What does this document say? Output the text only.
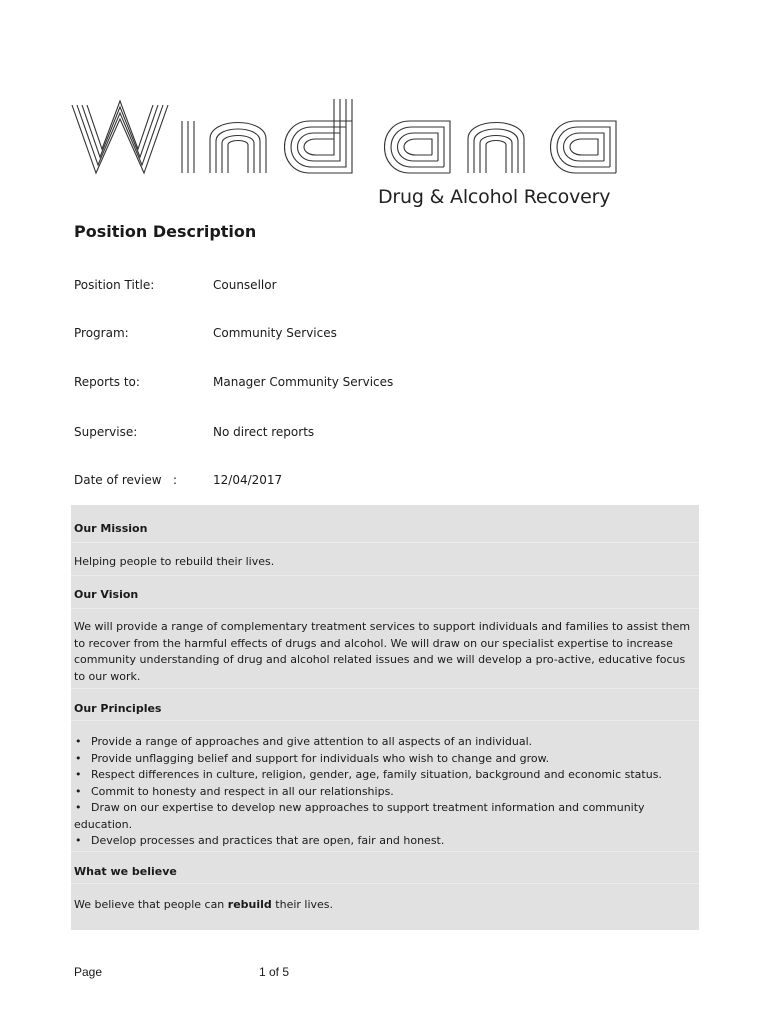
Drug & Alcohol Recovery
Position Description
Position Title:	Counsellor
Program:	Community Services
Reports to:	Manager Community Services
Supervise:	No direct reports
Date of review   :	12/04/2017
Our Mission
Helping people to rebuild their lives.
Our Vision
We will provide a range of complementary treatment services to support individuals and families to assist them to recover from the harmful effects of drugs and alcohol. We will draw on our specialist expertise to increase community understanding of drug and alcohol related issues and we will develop a pro-active, educative focus to our work.
Our Principles
• Provide a range of approaches and give attention to all aspects of an individual.
• Provide unflagging belief and support for individuals who wish to change and grow.
• Respect differences in culture, religion, gender, age, family situation, background and economic status.
• Commit to honesty and respect in all our relationships.
• Draw on our expertise to develop new approaches to support treatment information and community education.
• Develop processes and practices that are open, fair and honest.
What we believe
We believe that people can rebuild their lives.
Page	1 of 5
